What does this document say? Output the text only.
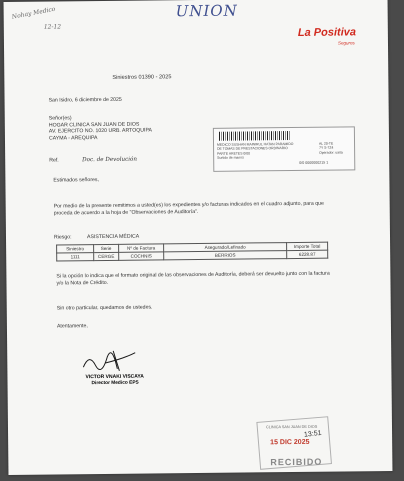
UNION
Nohay Medico
12-12	La Positiva
Seguros
Siniestros 01390 - 2025
San Isidro, 6 diciembre de 2025
Señor(es)
HOGAR CLINICA SAN JUAN DE DIOS
AV. EJERCITO NO. 1020 URB. ARTOQUIPA
CAYMA - AREQUIPA
MEDICO SUSHAN MAINIRUL HATAN PARAMIDO
DE TOMAS DE PRESTACIONES ORDINARIO
PARTE ARETES 0/00
Surtido de manos
AL 20-TE
7Y S-7Z4
Operador: uaita
0/0 0000000215 1
Ref.	Doc. de Devolución
Estimados señores,
Por medio de la presente remitimos a usted(es) los expedientes y/o facturas indicados en el cuadro adjunto, para que proceda de acuerdo a la hoja de "Observaciones de Auditoría".
Riesgo:	ASISTENCIA MÉDICA
Siniestro	Serie	Nº de Factura	Asegurado/Lefinado	Importe Total
1111	CERGE	COCHNIS	BERRIOS	6228.87
Si la opción lo indica que el formato original de las observaciones de Auditoría, deberá ser devuelto junto con la factura y/o la Nota de Crédito.
Sin otro particular, quedamos de ustedes.
Atentamente,
VICTOR VNAKI VISCAYA
Director Medico EPS
CLINICA SAN JUAN DE DIOS
13:51
15 DIC 2025
RECIBIDO
